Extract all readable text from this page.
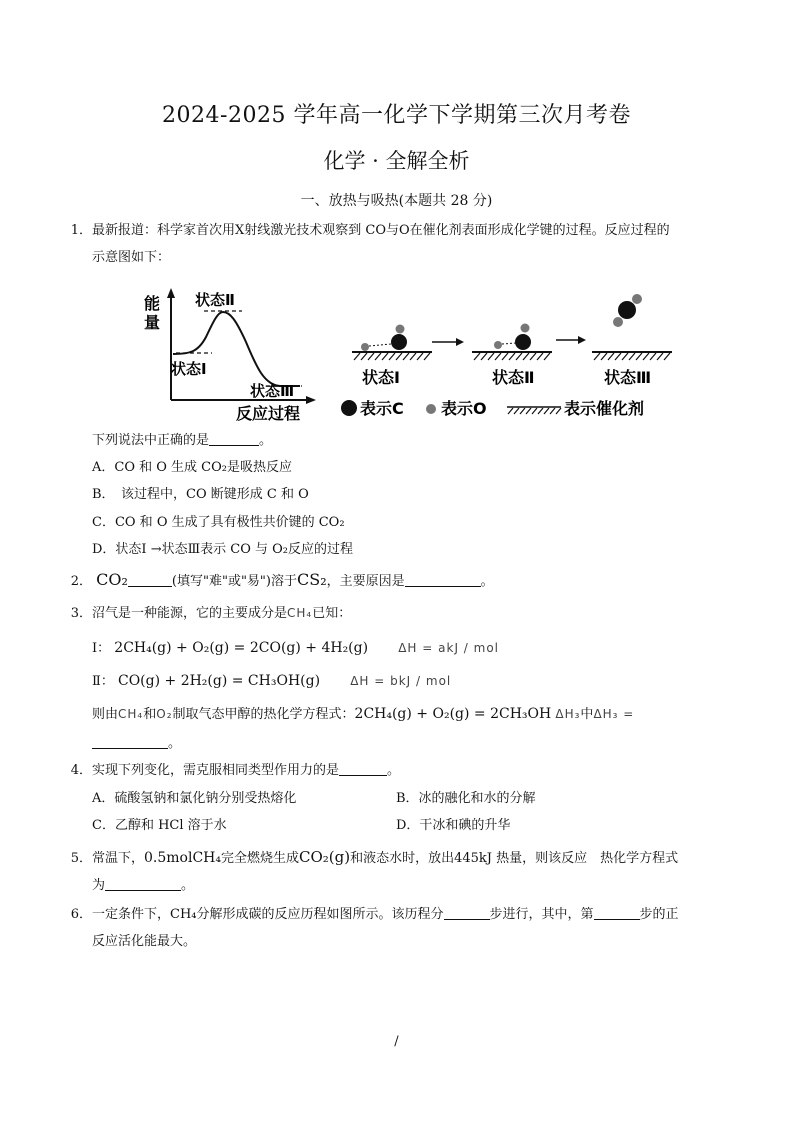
2024-2025 学年高一化学下学期第三次月考卷
化学 · 全解全析
一、放热与吸热(本题共 28 分)
1．最新报道：科学家首次用X射线激光技术观察到 CO与O在催化剂表面形成化学键的过程。反应过程的
示意图如下：
能
量
状态Ⅱ
状态Ⅰ
状态Ⅲ
反应过程
状态Ⅰ	状态Ⅱ	状态Ⅲ
表示C 表示O	表示催化剂
下列说法中正确的是	。
A．CO 和 O 生成 CO₂是吸热反应
B．　该过程中，CO 断键形成 C 和 O
C．CO 和 O 生成了具有极性共价键的 CO₂
D．状态Ⅰ →状态Ⅲ表示 CO 与 O₂反应的过程
2． CO₂	(填写"难"或"易")溶于CS₂，主要原因是	。
3．沼气是一种能源，它的主要成分是CH₄已知：
Ⅰ： 2CH₄(g) + O₂(g) = 2CO(g) + 4H₂(g)	ΔH = akJ / mol
Ⅱ： CO(g) + 2H₂(g) = CH₃OH(g)	ΔH = bkJ / mol
则由CH₄和O₂制取气态甲醇的热化学方程式：2CH₄(g) + O₂(g) = 2CH₃OH ΔH₃中ΔH₃ =
。
4．实现下列变化，需克服相同类型作用力的是	。
A．硫酸氢钠和氯化钠分别受热熔化	B．冰的融化和水的分解
C．乙醇和 HCl 溶于水	D．干冰和碘的升华
5．常温下，0.5molCH₄完全燃烧生成CO₂(g)和液态水时，放出445kJ 热量，则该反应　热化学方程式
为	。
6．一定条件下，CH₄分解形成碳的反应历程如图所示。该历程分	步进行，其中，第	步的正
反应活化能最大。
/
